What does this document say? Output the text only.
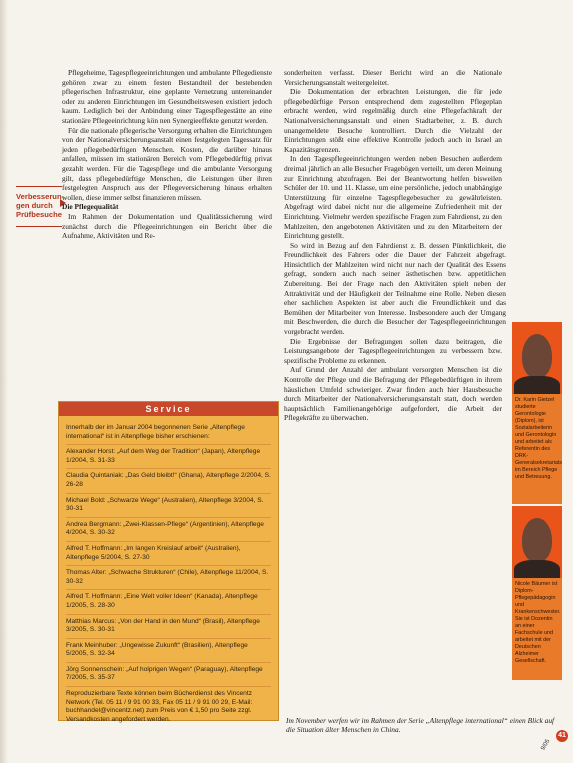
Verbesserun-
gen durch
Prüfbesuche

Pflegeheime, Tagespflegeeinrichtungen und ambulante Pflegedienste gehören zwar zu einem festen Bestandteil der bestehenden pflegerischen Infrastruktur, eine geplante Vernetzung untereinander oder zu anderen Einrichtungen im Gesundheitswesen existiert jedoch kaum. Lediglich bei der Anbindung einer Tagespflegestätte an eine stationäre Pflegeeinrichtung kön nen Synergieeffekte genutzt werden.

Für die nationale pflegerische Versorgung erhalten die Einrichtungen von der Nationalversicherungsanstalt einen festgelegten Tagessatz für jeden pflegebedürftigen Menschen. Kosten, die darüber hinaus anfallen, müssen im stationären Bereich vom Pflegebedürftig privat gezahlt werden. Für die Tagespflege und die ambulante Versorgung gilt, dass pflegebedürftige Menschen, die Leistungen über ihren festgelegten Anspruch aus der Pflegeversicherung hinaus erhalten wollen, diese immer selbst finanzieren müssen.

Die Pflegequalität

Im Rahmen der Dokumentation und Qualitätssicherung wird zunächst durch die Pflegeeinrichtungen ein Bericht über die Aufnahme, Aktivitäten und Re-

Service
Innerhalb der im Januar 2004 begonnenen Serie „Altenpflege international“ ist in Altenpflege bisher erschienen:
Alexander Horst: „Auf dem Weg der Tradition“ (Japan), Altenpflege 1/2004, S. 31-33
Claudia Quintaniak: „Das Geld bleibt!“ (Ghana), Altenpflege 2/2004, S. 26-28
Michael Bold: „Schwarze Wege“ (Australien), Altenpflege 3/2004, S. 30-31
Andrea Bergmann: „Zwei-Klassen-Pflege“ (Argentinien), Altenpflege 4/2004, S. 30-32
Alfred T. Hoffmann: „Im langen Kreislauf arbeit“ (Australien), Altenpflege 5/2004, S. 27-30
Thomas Alter: „Schwache Strukturen“ (Chile), Altenpflege 11/2004, S. 30-32
Alfred T. Hoffmann: „Eine Welt voller Ideen“ (Kanada), Altenpflege 1/2005, S. 28-30
Matthias Marcus: „Von der Hand in den Mund“ (Brasil), Altenpflege 3/2005, S. 30-31
Frank Meinhuber: „Ungewisse Zukunft“ (Brasilien), Altenpflege 5/2005, S. 32-34
Jörg Sonnenschein: „Auf holprigen Wegen“ (Paraguay), Altenpflege 7/2005, S. 35-37
Reproduzierbare Texte können beim Bücherdienst des Vincentz Network (Tel. 05 11 / 9 91 00 33, Fax 05 11 / 9 91 00 29, E-Mail: buchhandel@vincentz.net) zum Preis von € 1,50 pro Seite zzgl. Versandkosten angefordert werden.

sonderheiten verfasst. Dieser Bericht wird an die Nationale Versicherungsanstalt weitergeleitet.

Die Dokumentation der erbrachten Leistungen, die für jede pflegebedürftige Person entsprechend dem zugestellten Pflegeplan erbracht werden, wird regelmäßig durch eine Pflegefachkraft der Nationalversicherungsanstalt und einen Stadtarbeiter, z. B. durch unangemeldete Besuche kontrolliert. Durch die Vielzahl der Einrichtungen stößt eine effektive Kontrolle jedoch auch in Israel an Kapazitätsgrenzen.

In den Tagespflegeeinrichtungen werden neben Besuchen außerdem dreimal jährlich an alle Besucher Fragebögen verteilt, um deren Meinung zur Einrichtung abzufragen. Bei der Beantwortung helfen bisweilen Schüler der 10. und 11. Klasse, um eine persönliche, jedoch unabhängige Unterstützung für einzelne Tagespflegebesucher zu gewährleisten. Abgefragt wird dabei nicht nur die allgemeine Zufriedenheit mit der Einrichtung. Vielmehr werden spezifische Fragen zum Fahrdienst, zu den Mahlzeiten, den angebotenen Aktivitäten und zu den Mitarbeitern der Einrichtung gestellt.

So wird in Bezug auf den Fahrdienst z. B. dessen Pünktlichkeit, die Freundlichkeit des Fahrers oder die Dauer der Fahrzeit abgefragt. Hinsichtlich der Mahlzeiten wird nicht nur nach der Qualität des Essens gefragt, sondern auch nach seiner ästhetischen bzw. appetitlichen Zubereitung. Bei der Frage nach den Aktivitäten spielt neben der Attraktivität und der Häufigkeit der Teilnahme eine Rolle. Neben diesen eher sachlichen Aspekten ist aber auch die Freundlichkeit und das Bemühen der Mitarbeiter von Interesse. Insbesondere auch der Umgang mit Beschwerden, die durch die Besucher der Tagespflegeeinrichtungen vorgebracht werden.

Die Ergebnisse der Befragungen sollen dazu beitragen, die Leistungsangebote der Tagespflegeeinrichtungen zu verbessern bzw. spezifische Probleme zu erkennen.

Auf Grund der Anzahl der ambulant versorgten Menschen ist die Kontrolle der Pflege und die Befragung der Pflegebedürftigen in ihrem häuslichen Umfeld schwieriger. Zwar finden auch hier Hausbesuche durch Mitarbeiter der Nationalversicherungsanstalt statt, doch werden hauptsächlich Familienangehörige aufgefordert, die Arbeit der Pflegekräfte zu überwachen.

Dr. Karin Gietzel studierte Gerontologie (Diplom), ist Sozialarbeiterin und Gerontologin und arbeitet als Referentin des DRK-Generalsekretariats im Bereich Pflege und Betreuung.
Nicole Bäumer ist Diplom-Pflegepädagogin und Krankenschwester. Sie ist Dozentin an einer Fachschule und arbeitet mit der Deutschen Alzheimer Gesellschaft.
Im November werfen wir im Rahmen der Serie „Altenpflege international“ einen Blick auf die Situation älter Menschen in China.
41
9/05
